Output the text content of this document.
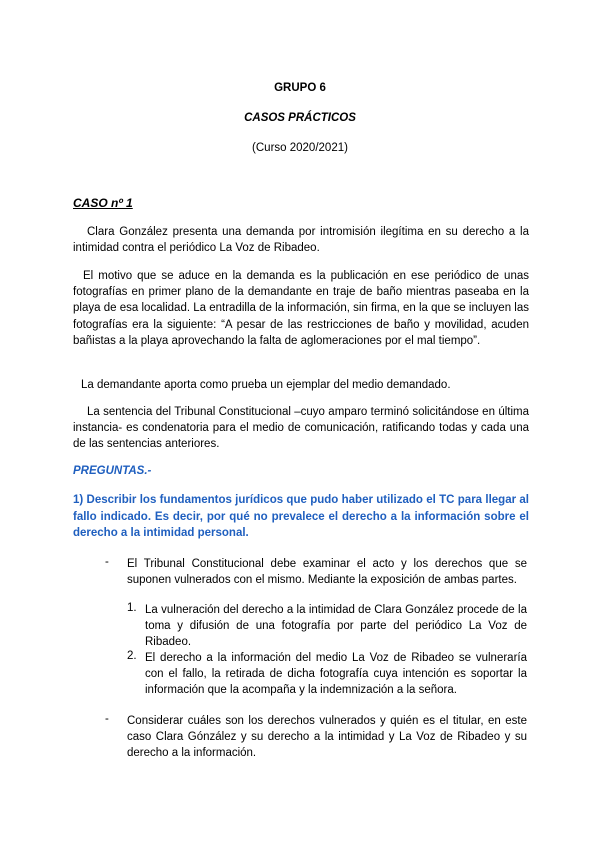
GRUPO 6
CASOS PRÁCTICOS
(Curso 2020/2021)
CASO nº 1

Clara González presenta una demanda por intromisión ilegítima en su derecho a la intimidad contra el periódico La Voz de Ribadeo.

El motivo que se aduce en la demanda es la publicación en ese periódico de unas fotografías en primer plano de la demandante en traje de baño mientras paseaba en la playa de esa localidad. La entradilla de la información, sin firma, en la que se incluyen las fotografías era la siguiente: “A pesar de las restricciones de baño y movilidad, acuden bañistas a la playa aprovechando la falta de aglomeraciones por el mal tiempo”.

La demandante aporta como prueba un ejemplar del medio demandado.

La sentencia del Tribunal Constitucional –cuyo amparo terminó solicitándose en última instancia- es condenatoria para el medio de comunicación, ratificando todas y cada una de las sentencias anteriores.

PREGUNTAS.-

1) Describir los fundamentos jurídicos que pudo haber utilizado el TC para llegar al fallo indicado. Es decir, por qué no prevalece el derecho a la información sobre el derecho a la intimidad personal.

- El Tribunal Constitucional debe examinar el acto y los derechos que se suponen vulnerados con el mismo. Mediante la exposición de ambas partes.

1. La vulneración del derecho a la intimidad de Clara González procede de la toma y difusión de una fotografía por parte del periódico La Voz de Ribadeo.

2. El derecho a la información del medio La Voz de Ribadeo se vulneraría con el fallo, la retirada de dicha fotografía cuya intención es soportar la información que la acompaña y la indemnización a la señora.

- Considerar cuáles son los derechos vulnerados y quién es el titular, en este caso Clara Gónzález y su derecho a la intimidad y La Voz de Ribadeo y su derecho a la información.
